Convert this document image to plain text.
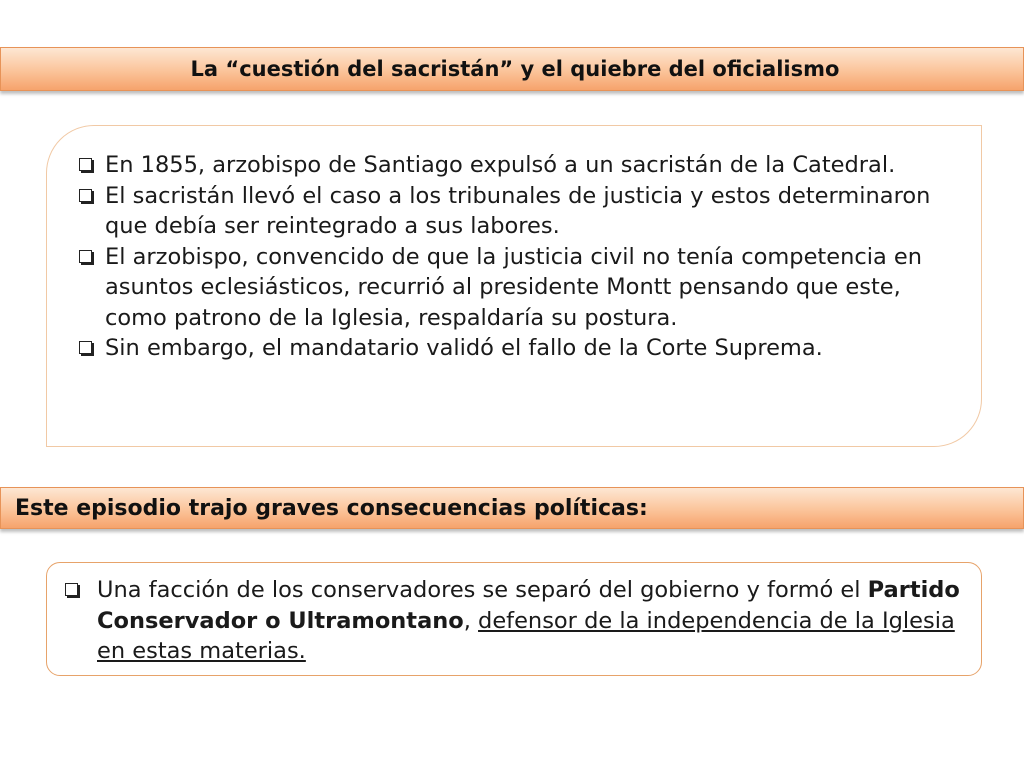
La “cuestión del sacristán” y el quiebre del oficialismo
En 1855, arzobispo de Santiago expulsó a un sacristán de la Catedral.
El sacristán llevó el caso a los tribunales de justicia y estos determinaron que debía ser reintegrado a sus labores.
El arzobispo, convencido de que la justicia civil no tenía competencia en asuntos eclesiásticos, recurrió al presidente Montt pensando que este, como patrono de la Iglesia, respaldaría su postura.
Sin embargo, el mandatario validó el fallo de la Corte Suprema.
Este episodio trajo graves consecuencias políticas:
Una facción de los conservadores se separó del gobierno y formó el Partido Conservador o Ultramontano, defensor de la independencia de la Iglesia en estas materias.
